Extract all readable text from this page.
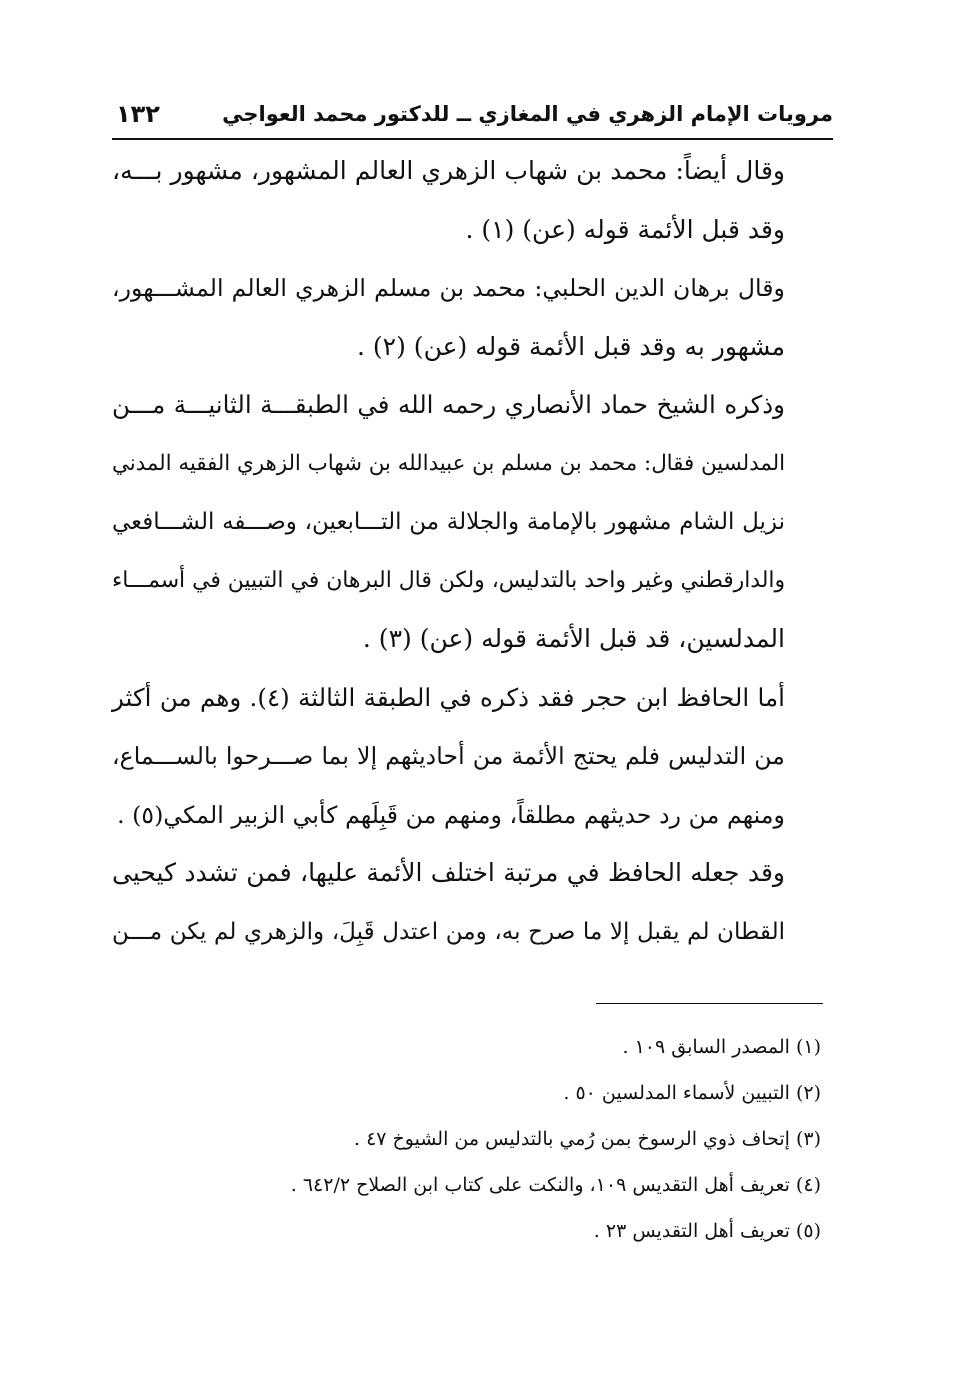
مرويات الإمام الزهري في المغازي ــ للدكتور محمد العواجي
١٣٢

وقال أيضاً: محمد بن شهاب الزهري العالم المشهور، مشهور بـــه،
وقد قبل الأئمة قوله (عن) (١) .

وقال برهان الدين الحلبي: محمد بن مسلم الزهري العالم المشـــهور،
مشهور به وقد قبل الأئمة قوله (عن) (٢) .

وذكره الشيخ حماد الأنصاري رحمه الله في الطبقـــة الثانيـــة مـــن
المدلسين فقال: محمد بن مسلم بن عبيدالله بن شهاب الزهري الفقيه المدني
نزيل الشام مشهور بالإمامة والجلالة من التـــابعين، وصـــفه الشـــافعي
والدارقطني وغير واحد بالتدليس، ولكن قال البرهان في التبيين في أسمـــاء
المدلسين، قد قبل الأئمة قوله (عن) (٣) .

أما الحافظ ابن حجر فقد ذكره في الطبقة الثالثة (٤). وهم من أكثر
من التدليس فلم يحتج الأئمة من أحاديثهم إلا بما صـــرحوا بالســـماع،
ومنهم من رد حديثهم مطلقاً، ومنهم من قَبِلَهم كأبي الزبير المكي(٥) .

وقد جعله الحافظ في مرتبة اختلف الأئمة عليها، فمن تشدد كيحيى
القطان لم يقبل إلا ما صرح به، ومن اعتدل قَبِلَ، والزهري لم يكن مـــن

(١) المصدر السابق ١٠٩ .
(٢) التبيين لأسماء المدلسين ٥٠ .
(٣) إتحاف ذوي الرسوخ بمن رُمي بالتدليس من الشيوخ ٤٧ .
(٤) تعريف أهل التقديس ١٠٩، والنكت على كتاب ابن الصلاح ٦٤٢/٢ .
(٥) تعريف أهل التقديس ٢٣ .
